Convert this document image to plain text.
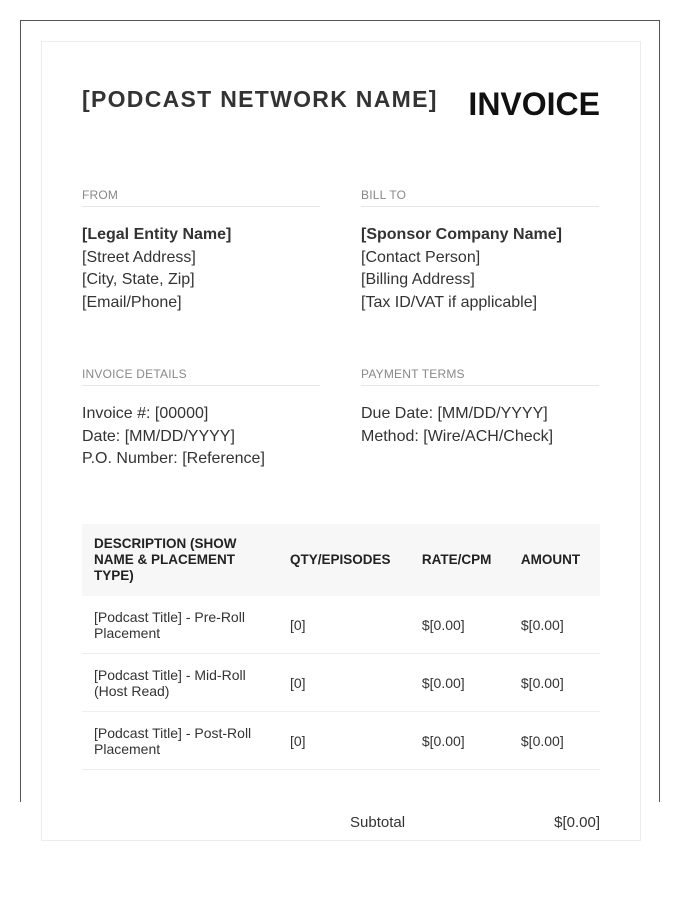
[PODCAST NETWORK NAME] INVOICE
FROM
[Legal Entity Name]
[Street Address]
[City, State, Zip]
[Email/Phone]
BILL TO
[Sponsor Company Name]
[Contact Person]
[Billing Address]
[Tax ID/VAT if applicable]
INVOICE DETAILS
Invoice #: [00000]
Date: [MM/DD/YYYY]
P.O. Number: [Reference]
PAYMENT TERMS
Due Date: [MM/DD/YYYY]
Method: [Wire/ACH/Check]
DESCRIPTION (SHOW NAME & PLACEMENT TYPE)	QTY/EPISODES	RATE/CPM	AMOUNT
[Podcast Title] - Pre-Roll Placement	[0]	$[0.00]	$[0.00]
[Podcast Title] - Mid-Roll (Host Read)	[0]	$[0.00]	$[0.00]
[Podcast Title] - Post-Roll Placement	[0]	$[0.00]	$[0.00]
Subtotal	$[0.00]
